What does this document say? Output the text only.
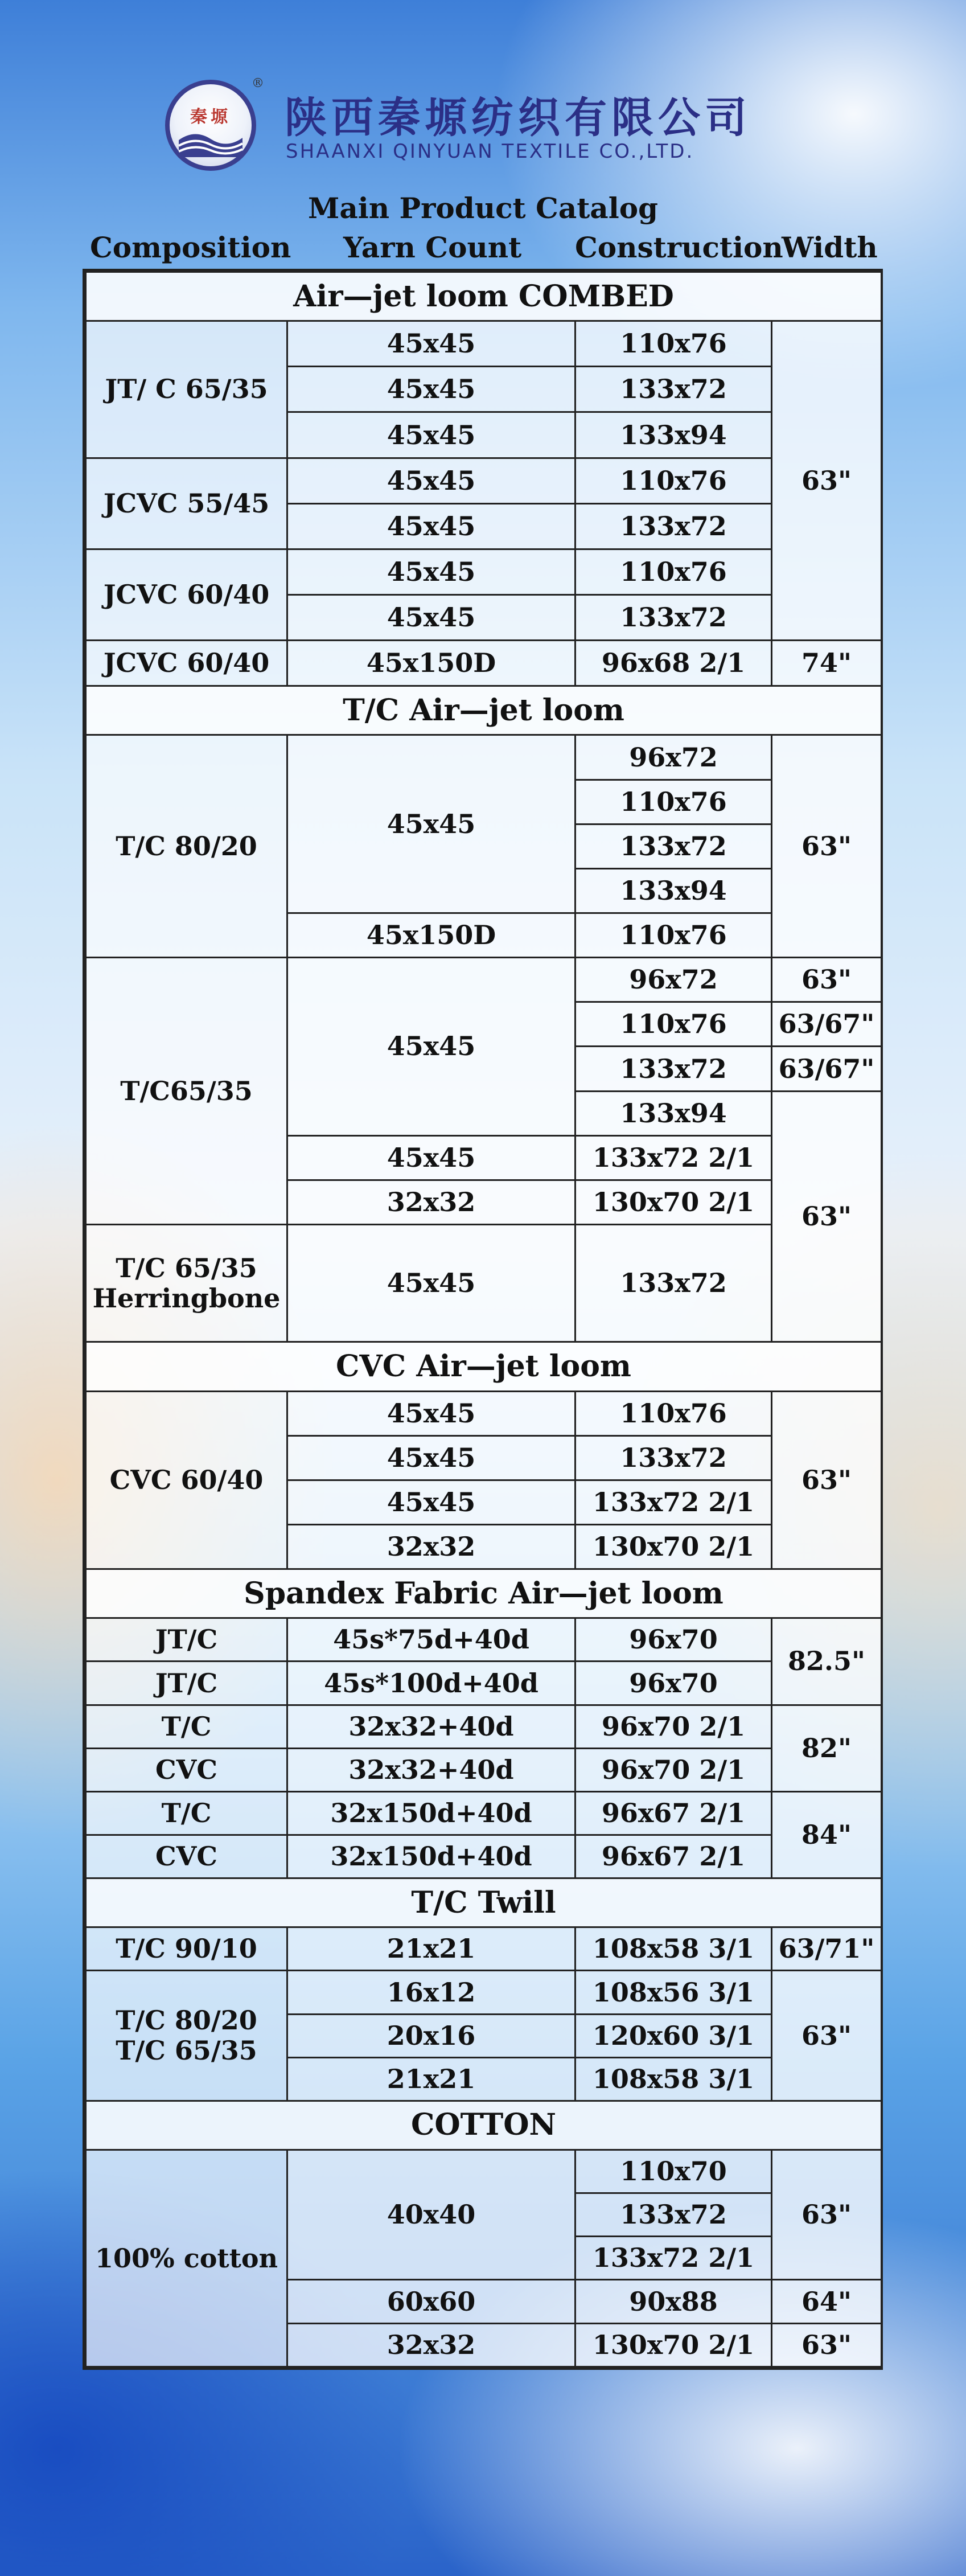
秦塬
®
陕西秦塬纺织有限公司
SHAANXI QINYUAN TEXTILE CO.,LTD.
Main Product Catalog
Composition Yarn Count Construction
Width
Air—jet loom COMBED			
JT/ C 65/35	45x45	110x76	63"
	45x45	133x72	
	45x45	133x94	
JCVC 55/45	45x45	110x76	
	45x45	133x72	
JCVC 60/40	45x45	110x76	
	45x45	133x72	
JCVC 60/40	45x150D	96x68 2/1	74"
T/C Air—jet loom			
T/C 80/20	45x45	96x72	63"
		110x76	
		133x72	
		133x94	
	45x150D	110x76	
T/C65/35	45x45	96x72	63"
		110x76	63/67"
		133x72	63/67"
		133x94	63"
	45x45	133x72 2/1	
	32x32	130x70 2/1	
T/C 65/35 Herringbone	45x45	133x72	
CVC Air—jet loom			
CVC 60/40	45x45	110x76	63"
	45x45	133x72	
	45x45	133x72 2/1	
	32x32	130x70 2/1	
Spandex Fabric Air—jet loom			
JT/C	45s*75d+40d	96x70	82.5"
JT/C	45s*100d+40d	96x70	
T/C	32x32+40d	96x70 2/1	82"
CVC	32x32+40d	96x70 2/1	
T/C	32x150d+40d	96x67 2/1	84"
CVC	32x150d+40d	96x67 2/1	
T/C Twill			
T/C 90/10	21x21	108x58 3/1	63/71"
T/C 80/20 T/C 65/35	16x12	108x56 3/1	63"
	20x16	120x60 3/1	
	21x21	108x58 3/1	
COTTON			
100% cotton	40x40	110x70	63"
		133x72	
		133x72 2/1	
	60x60	90x88	64"
	32x32	130x70 2/1	63"
